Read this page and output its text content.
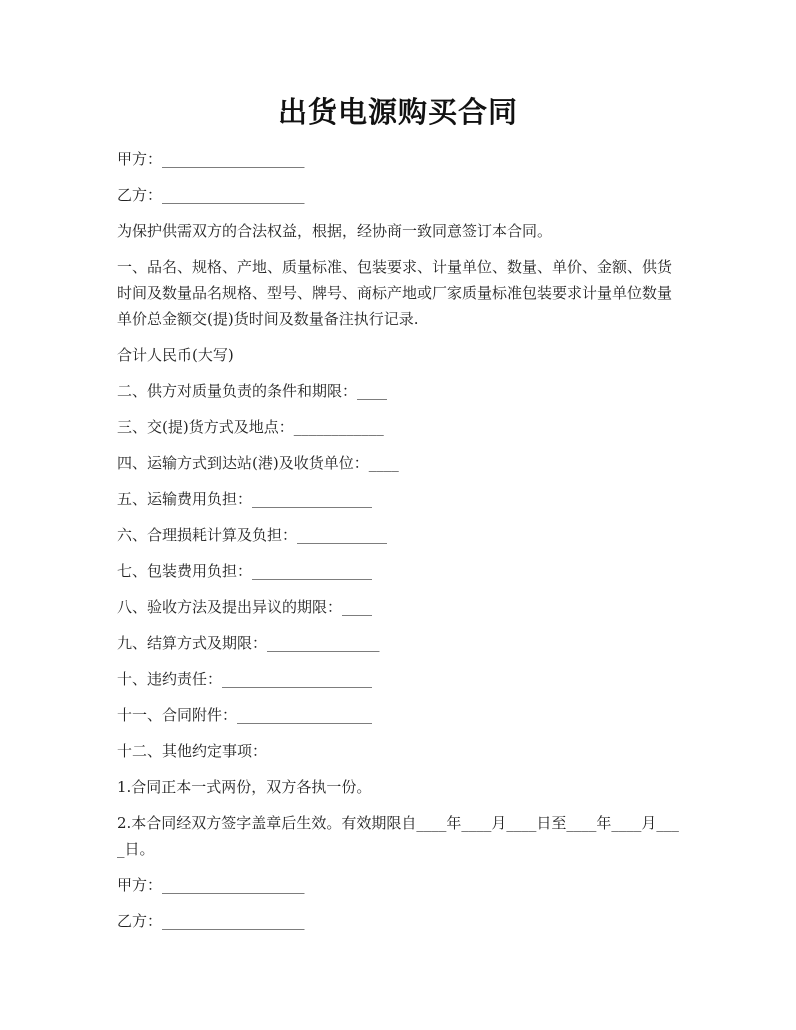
出货电源购买合同

甲方：___________________

乙方：___________________

为保护供需双方的合法权益，根据，经协商一致同意签订本合同。

一、品名、规格、产地、质量标准、包装要求、计量单位、数量、单价、金额、供货时间及数量品名规格、型号、牌号、商标产地或厂家质量标准包装要求计量单位数量单价总金额交(提)货时间及数量备注执行记录.

合计人民币(大写)

二、供方对质量负责的条件和期限：____

三、交(提)货方式及地点：____________

四、运输方式到达站(港)及收货单位：____

五、运输费用负担：________________

六、合理损耗计算及负担：____________

七、包装费用负担：________________

八、验收方法及提出异议的期限：____

九、结算方式及期限：_______________

十、违约责任：____________________

十一、合同附件：__________________

十二、其他约定事项：

1.合同正本一式两份，双方各执一份。

2.本合同经双方签字盖章后生效。有效期限自____年____月____日至____年____月____日。

甲方：___________________

乙方：___________________
